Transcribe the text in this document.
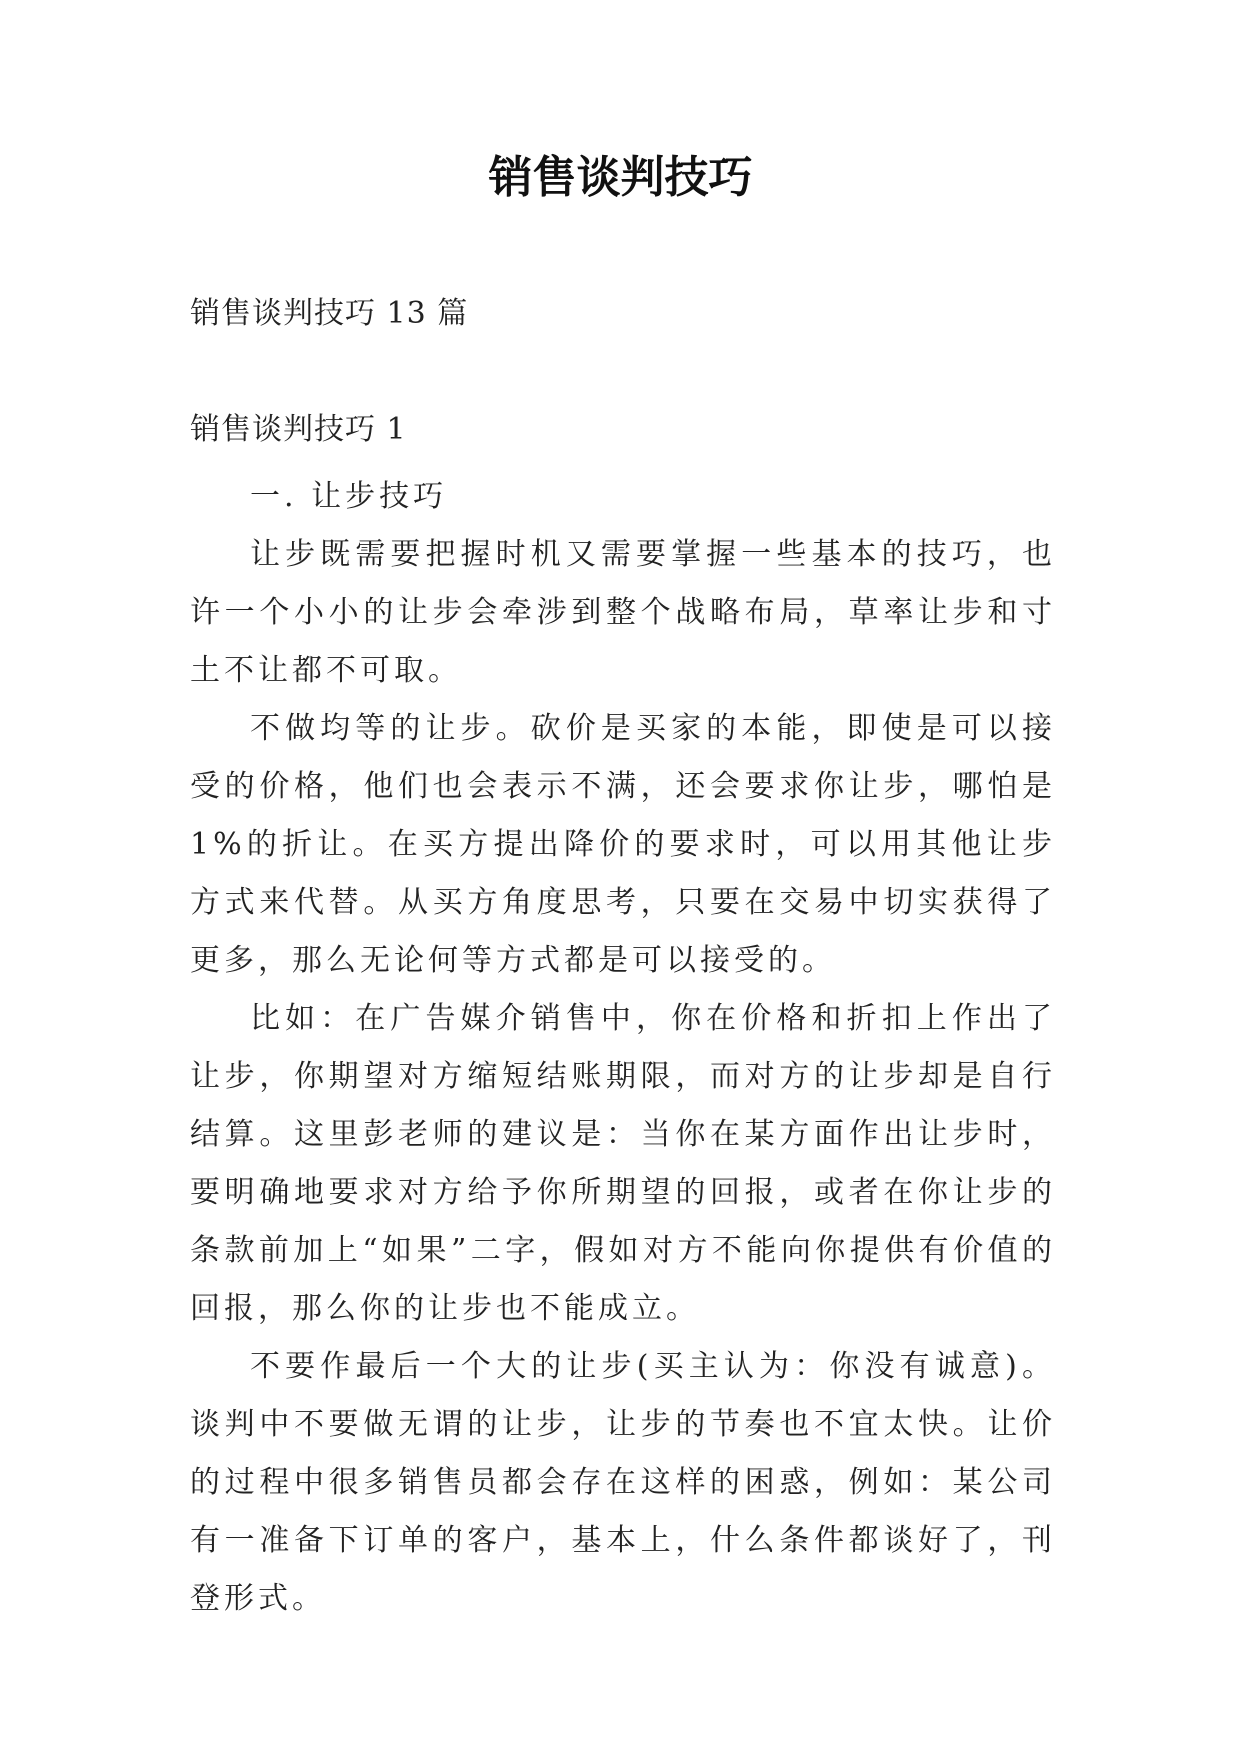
销售谈判技巧
销售谈判技巧 13 篇
销售谈判技巧 1

一. 让步技巧

让步既需要把握时机又需要掌握一些基本的技巧，也许一个小小的让步会牵涉到整个战略布局，草率让步和寸土不让都不可取。

不做均等的让步。砍价是买家的本能，即使是可以接受的价格，他们也会表示不满，还会要求你让步，哪怕是 1%的折让。在买方提出降价的要求时，可以用其他让步方式来代替。从买方角度思考，只要在交易中切实获得了更多，那么无论何等方式都是可以接受的。

比如：在广告媒介销售中，你在价格和折扣上作出了让步，你期望对方缩短结账期限，而对方的让步却是自行结算。这里彭老师的建议是：当你在某方面作出让步时，要明确地要求对方给予你所期望的回报，或者在你让步的条款前加上“如果”二字，假如对方不能向你提供有价值的回报，那么你的让步也不能成立。

不要作最后一个大的让步(买主认为：你没有诚意)。谈判中不要做无谓的让步，让步的节奏也不宜太快。让价的过程中很多销售员都会存在这样的困惑，例如：某公司有一准备下订单的客户，基本上，什么条件都谈好了，刊登形式。
